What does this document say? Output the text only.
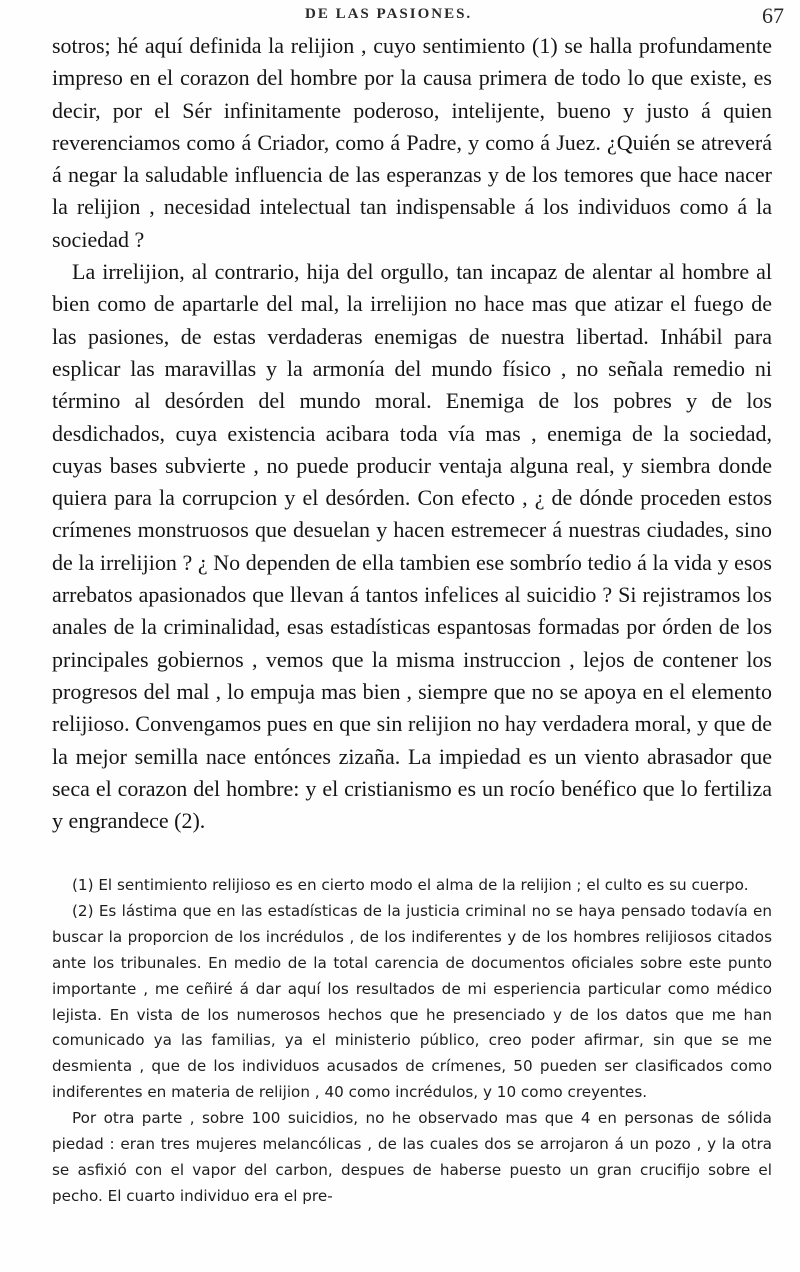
DE LAS PASIONES.	67

sotros; hé aquí definida la relijion , cuyo sentimiento (1) se halla profundamente impreso en el corazon del hombre por la causa primera de todo lo que existe, es decir, por el Sér infinitamente poderoso, intelijente, bueno y justo á quien reverenciamos como á Criador, como á Padre, y como á Juez. ¿Quién se atreverá á negar la saludable influencia de las esperanzas y de los temores que hace nacer la relijion , necesidad intelectual tan indispensable á los individuos como á la sociedad ?

La irrelijion, al contrario, hija del orgullo, tan incapaz de alentar al hombre al bien como de apartarle del mal, la irrelijion no hace mas que atizar el fuego de las pasiones, de estas verdaderas enemigas de nuestra libertad. Inhábil para esplicar las maravillas y la armonía del mundo físico , no señala remedio ni término al desórden del mundo moral. Enemiga de los pobres y de los desdichados, cuya existencia acibara toda vía mas , enemiga de la sociedad, cuyas bases subvierte , no puede producir ventaja alguna real, y siembra donde quiera para la corrupcion y el desórden. Con efecto , ¿ de dónde proceden estos crímenes monstruosos que desuelan y hacen estremecer á nuestras ciudades, sino de la irrelijion ? ¿ No dependen de ella tambien ese sombrío tedio á la vida y esos arrebatos apasionados que llevan á tantos infelices al suicidio ? Si rejistramos los anales de la criminalidad, esas estadísticas espantosas formadas por órden de los principales gobiernos , vemos que la misma instruccion , lejos de contener los progresos del mal , lo empuja mas bien , siempre que no se apoya en el elemento relijioso. Convengamos pues en que sin relijion no hay verdadera moral, y que de la mejor semilla nace entónces zizaña. La impiedad es un viento abrasador que seca el corazon del hombre: y el cristianismo es un rocío benéfico que lo fertiliza y engrandece (2).

(1) El sentimiento relijioso es en cierto modo el alma de la relijion ; el culto es su cuerpo.

(2) Es lástima que en las estadísticas de la justicia criminal no se haya pensado todavía en buscar la proporcion de los incrédulos , de los indiferentes y de los hombres relijiosos citados ante los tribunales. En medio de la total carencia de documentos oficiales sobre este punto importante , me ceñiré á dar aquí los resultados de mi esperiencia particular como médico lejista. En vista de los numerosos hechos que he presenciado y de los datos que me han comunicado ya las familias, ya el ministerio público, creo poder afirmar, sin que se me desmienta , que de los individuos acusados de crímenes, 50 pueden ser clasificados como indiferentes en materia de relijion , 40 como incrédulos, y 10 como creyentes.

Por otra parte , sobre 100 suicidios, no he observado mas que 4 en personas de sólida piedad : eran tres mujeres melancólicas , de las cuales dos se arrojaron á un pozo , y la otra se asfixió con el vapor del carbon, despues de haberse puesto un gran crucifijo sobre el pecho. El cuarto individuo era el pre-
